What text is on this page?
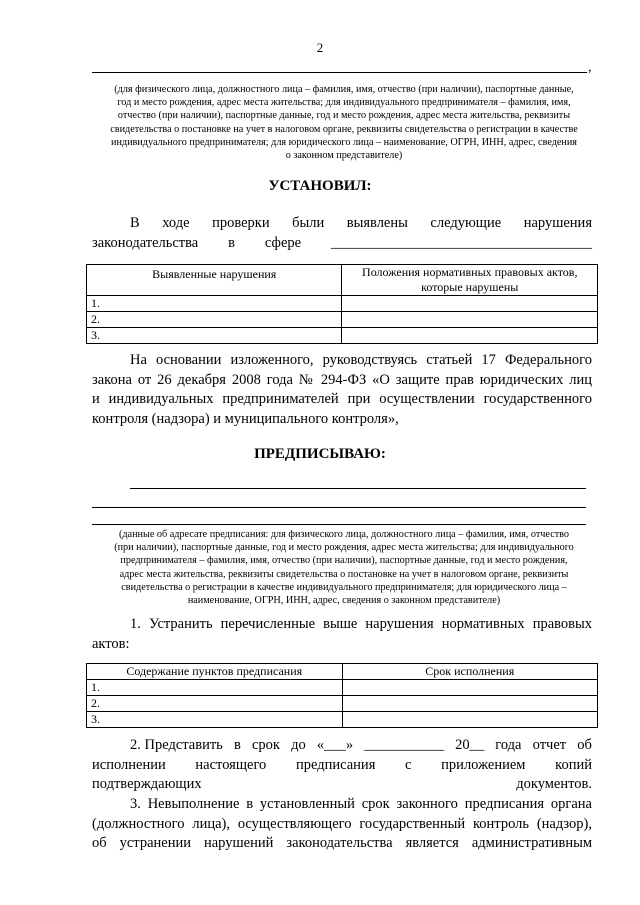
2
,
(для физического лица, должностного лица – фамилия, имя, отчество (при наличии), паспортные данные,
год и место рождения, адрес места жительства; для индивидуального предпринимателя – фамилия, имя,
отчество (при наличии), паспортные данные, год и место рождения, адрес места жительства, реквизиты
свидетельства о постановке на учет в налоговом органе, реквизиты свидетельства о регистрации в качестве
индивидуального предпринимателя; для юридического лица – наименование, ОГРН, ИНН, адрес, сведения
о законном представителе)
УСТАНОВИЛ:
В ходе проверки были выявлены следующие нарушения
законодательства в сфере ____________________________________
Выявленные нарушения	Положения нормативных правовых актов,
которые нарушены

1.	
2.	
3.	
На основании изложенного, руководствуясь статьей 17 Федерального
закона от 26 декабря 2008 года № 294-ФЗ «О защите прав юридических лиц
и индивидуальных предпринимателей при осуществлении государственного
контроля (надзора) и муниципального контроля»,
ПРЕДПИСЫВАЮ:
(данные об адресате предписания: для физического лица, должностного лица – фамилия, имя, отчество
(при наличии), паспортные данные, год и место рождения, адрес места жительства; для индивидуального
предпринимателя – фамилия, имя, отчество (при наличии), паспортные данные, год и место рождения,
адрес места жительства, реквизиты свидетельства о постановке на учет в налоговом органе, реквизиты
свидетельства о регистрации в качестве индивидуального предпринимателя; для юридического лица –
наименование, ОГРН, ИНН, адрес, сведения о законном представителе)
1. Устранить перечисленные выше нарушения нормативных правовых
актов:
Содержание пунктов предписания	Срок исполнения
1.	
2.	
3.	
2. Представить в срок до «___» ___________ 20__ года отчет об
исполнении настоящего предписания с приложением копий
подтверждающих документов.
3. Невыполнение в установленный срок законного предписания органа
(должностного лица), осуществляющего государственный контроль (надзор),
об устранении нарушений законодательства является административным
